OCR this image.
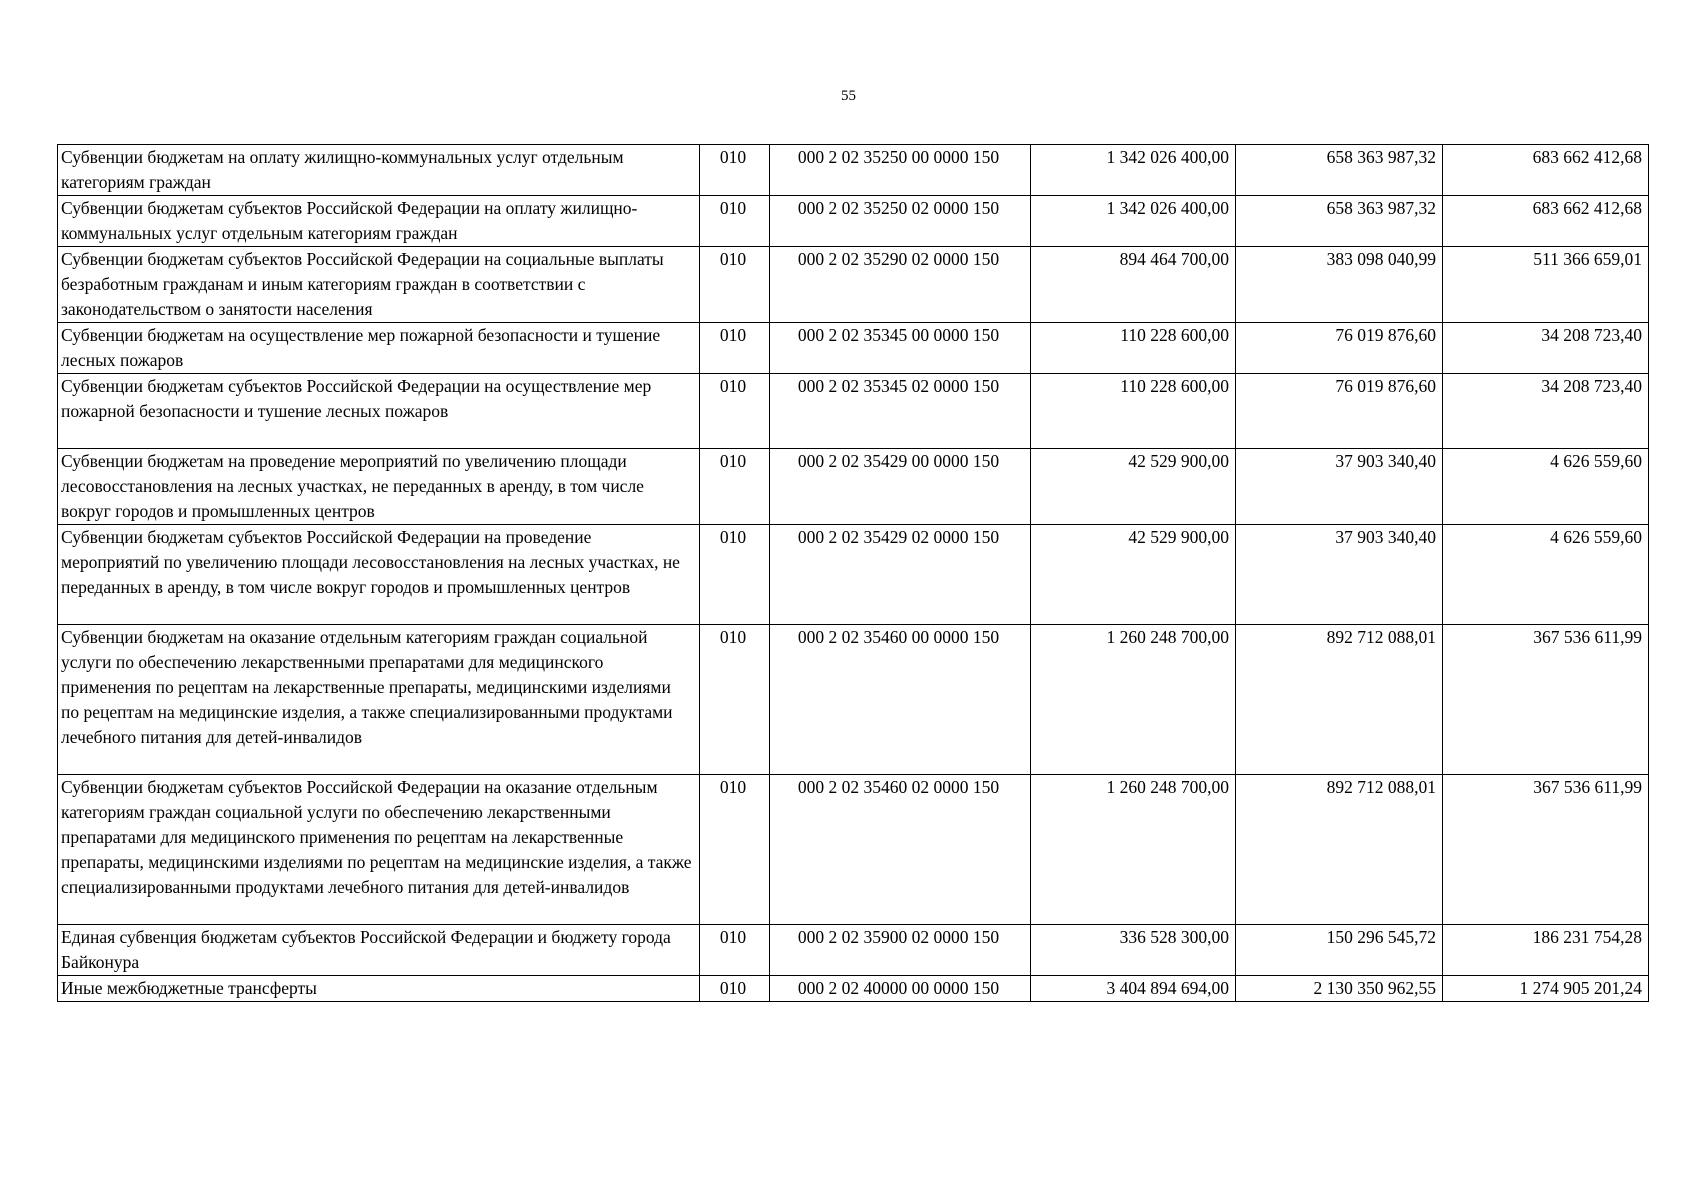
55
Субвенции бюджетам на оплату жилищно-коммунальных услуг отдельным категориям граждан	010	000 2 02 35250 00 0000 150	1 342 026 400,00	658 363 987,32	683 662 412,68
Субвенции бюджетам субъектов Российской Федерации на оплату жилищно-коммунальных услуг отдельным категориям граждан	010	000 2 02 35250 02 0000 150	1 342 026 400,00	658 363 987,32	683 662 412,68
Субвенции бюджетам субъектов Российской Федерации на социальные выплаты безработным гражданам и иным категориям граждан в соответствии с законодательством о занятости населения	010	000 2 02 35290 02 0000 150	894 464 700,00	383 098 040,99	511 366 659,01
Субвенции бюджетам на осуществление мер пожарной безопасности и тушение лесных пожаров	010	000 2 02 35345 00 0000 150	110 228 600,00	76 019 876,60	34 208 723,40
Субвенции бюджетам субъектов Российской Федерации на осуществление мер пожарной безопасности и тушение лесных пожаров	010	000 2 02 35345 02 0000 150	110 228 600,00	76 019 876,60	34 208 723,40
Субвенции бюджетам на проведение мероприятий по увеличению площади лесовосстановления на лесных участках, не переданных в аренду, в том числе вокруг городов и промышленных центров	010	000 2 02 35429 00 0000 150	42 529 900,00	37 903 340,40	4 626 559,60
Субвенции бюджетам субъектов Российской Федерации на проведение мероприятий по увеличению площади лесовосстановления на лесных участках, не переданных в аренду, в том числе вокруг городов и промышленных центров	010	000 2 02 35429 02 0000 150	42 529 900,00	37 903 340,40	4 626 559,60
Субвенции бюджетам на оказание отдельным категориям граждан социальной услуги по обеспечению лекарственными препаратами для медицинского применения по рецептам на лекарственные препараты, медицинскими изделиями по рецептам на медицинские изделия, а также специализированными продуктами лечебного питания для детей-инвалидов	010	000 2 02 35460 00 0000 150	1 260 248 700,00	892 712 088,01	367 536 611,99
Субвенции бюджетам субъектов Российской Федерации на оказание отдельным категориям граждан социальной услуги по обеспечению лекарственными препаратами для медицинского применения по рецептам на лекарственные препараты, медицинскими изделиями по рецептам на медицинские изделия, а также специализированными продуктами лечебного питания для детей-инвалидов	010	000 2 02 35460 02 0000 150	1 260 248 700,00	892 712 088,01	367 536 611,99
Единая субвенция бюджетам субъектов Российской Федерации и бюджету города Байконура	010	000 2 02 35900 02 0000 150	336 528 300,00	150 296 545,72	186 231 754,28
Иные межбюджетные трансферты	010	000 2 02 40000 00 0000 150	3 404 894 694,00	2 130 350 962,55	1 274 905 201,24
